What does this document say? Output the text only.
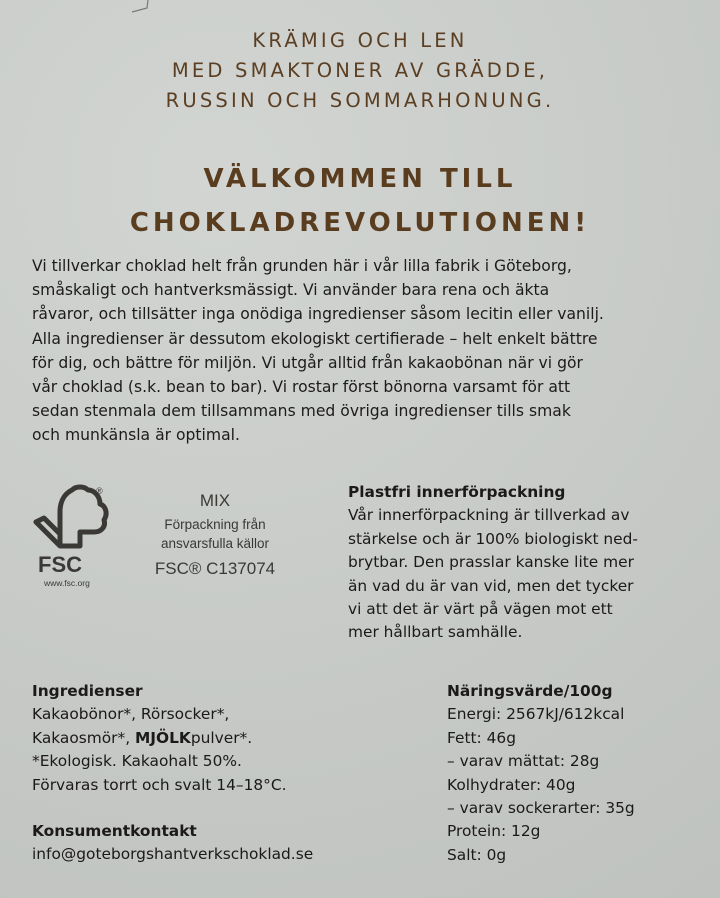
KRÄMIG OCH LEN
MED SMAKTONER AV GRÄDDE,
RUSSIN OCH SOMMARHONUNG.
VÄLKOMMEN TILL
CHOKLADREVOLUTIONEN!
Vi tillverkar choklad helt från grunden här i vår lilla fabrik i Göteborg,
småskaligt och hantverksmässigt. Vi använder bara rena och äkta
råvaror, och tillsätter inga onödiga ingredienser såsom lecitin eller vanilj.
Alla ingredienser är dessutom ekologiskt certifierade – helt enkelt bättre
för dig, och bättre för miljön. Vi utgår alltid från kakaobönan när vi gör
vår choklad (s.k. bean to bar). Vi rostar först bönorna varsamt för att
sedan stenmala dem tillsammans med övriga ingredienser tills smak
och munkänsla är optimal.
FSC
®
www.fsc.org
MIX
Förpackning från
ansvarsfulla källor
FSC® C137074
Plastfri innerförpackning
Vår innerförpackning är tillverkad av
stärkelse och är 100% biologiskt ned-
brytbar. Den prasslar kanske lite mer
än vad du är van vid, men det tycker
vi att det är värt på vägen mot ett
mer hållbart samhälle.
Ingredienser
Kakaobönor*, Rörsocker*,
Kakaosmör*, MJÖLKpulver*.
*Ekologisk. Kakaohalt 50%.
Förvaras torrt och svalt 14–18°C.
Konsumentkontakt
info@goteborgshantverkschoklad.se
Näringsvärde/100g
Energi: 2567kJ/612kcal
Fett: 46g
– varav mättat: 28g
Kolhydrater: 40g
– varav sockerarter: 35g
Protein: 12g
Salt: 0g
